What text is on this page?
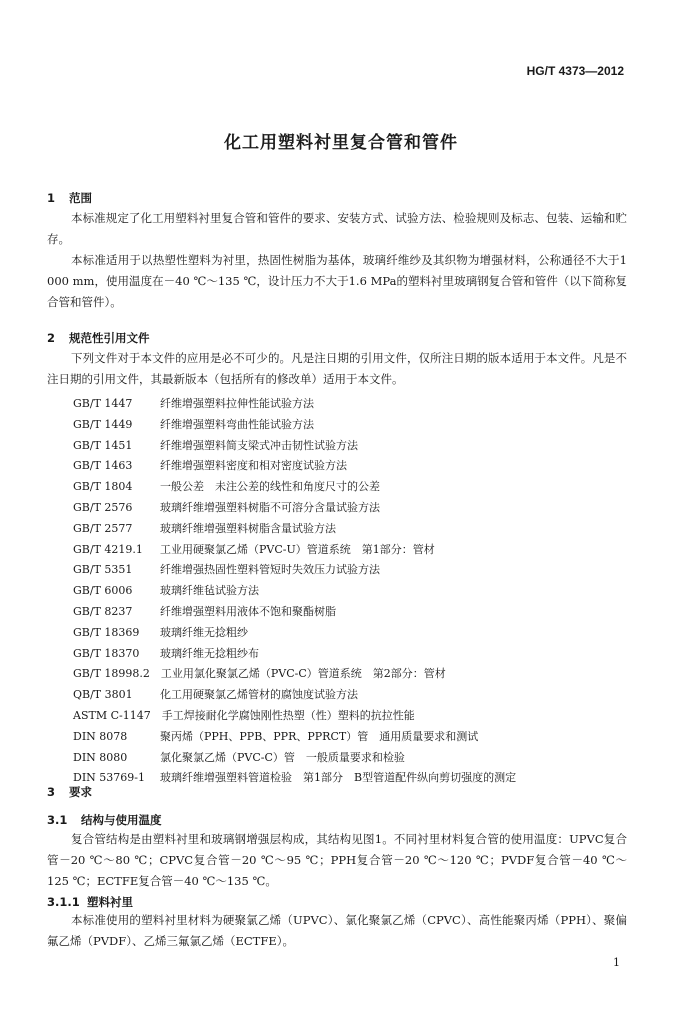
HG/T 4373—2012
化工用塑料衬里复合管和管件
1 范围
本标准规定了化工用塑料衬里复合管和管件的要求、安装方式、试验方法、检验规则及标志、包装、运输和贮存。
本标准适用于以热塑性塑料为衬里，热固性树脂为基体，玻璃纤维纱及其织物为增强材料，公称通径不大于1 000 mm，使用温度在－40 ℃～135 ℃，设计压力不大于1.6 MPa的塑料衬里玻璃钢复合管和管件（以下简称复合管和管件）。
2 规范性引用文件
下列文件对于本文件的应用是必不可少的。凡是注日期的引用文件，仅所注日期的版本适用于本文件。凡是不注日期的引用文件，其最新版本（包括所有的修改单）适用于本文件。
GB/T 1447　	纤维增强塑料拉伸性能试验方法
GB/T 1449　	纤维增强塑料弯曲性能试验方法
GB/T 1451　	纤维增强塑料简支梁式冲击韧性试验方法
GB/T 1463　	纤维增强塑料密度和相对密度试验方法
GB/T 1804　	一般公差　未注公差的线性和角度尺寸的公差
GB/T 2576　	玻璃纤维增强塑料树脂不可溶分含量试验方法
GB/T 2577　	玻璃纤维增强塑料树脂含量试验方法
GB/T 4219.1　 工业用硬聚氯乙烯（PVC-U）管道系统　第1部分：管材
GB/T 5351　	纤维增强热固性塑料管短时失效压力试验方法
GB/T 6006　	玻璃纤维毡试验方法
GB/T 8237　	纤维增强塑料用液体不饱和聚酯树脂
GB/T 18369　 玻璃纤维无捻粗纱
GB/T 18370　 玻璃纤维无捻粗纱布
GB/T 18998.2　 工业用氯化聚氯乙烯（PVC-C）管道系统　第2部分：管材
QB/T 3801　 化工用硬聚氯乙烯管材的腐蚀度试验方法
ASTM C-1147　 手工焊接耐化学腐蚀刚性热塑（性）塑料的抗拉性能
DIN 8078　	聚丙烯（PPH、PPB、PPR、PPRCT）管　通用质量要求和测试
DIN 8080　	氯化聚氯乙烯（PVC-C）管　一般质量要求和检验
DIN 53769-1　 玻璃纤维增强塑料管道检验　第1部分　B型管道配件纵向剪切强度的测定
3 要求
3.1 结构与使用温度
复合管结构是由塑料衬里和玻璃钢增强层构成，其结构见图1。不同衬里材料复合管的使用温度：UPVC复合管－20 ℃～80 ℃；CPVC复合管－20 ℃～95 ℃；PPH复合管－20 ℃～120 ℃；PVDF复合管－40 ℃～125 ℃；ECTFE复合管－40 ℃～135 ℃。
3.1.1 塑料衬里
本标准使用的塑料衬里材料为硬聚氯乙烯（UPVC）、氯化聚氯乙烯（CPVC）、高性能聚丙烯（PPH）、聚偏氟乙烯（PVDF）、乙烯三氟氯乙烯（ECTFE）。
1
